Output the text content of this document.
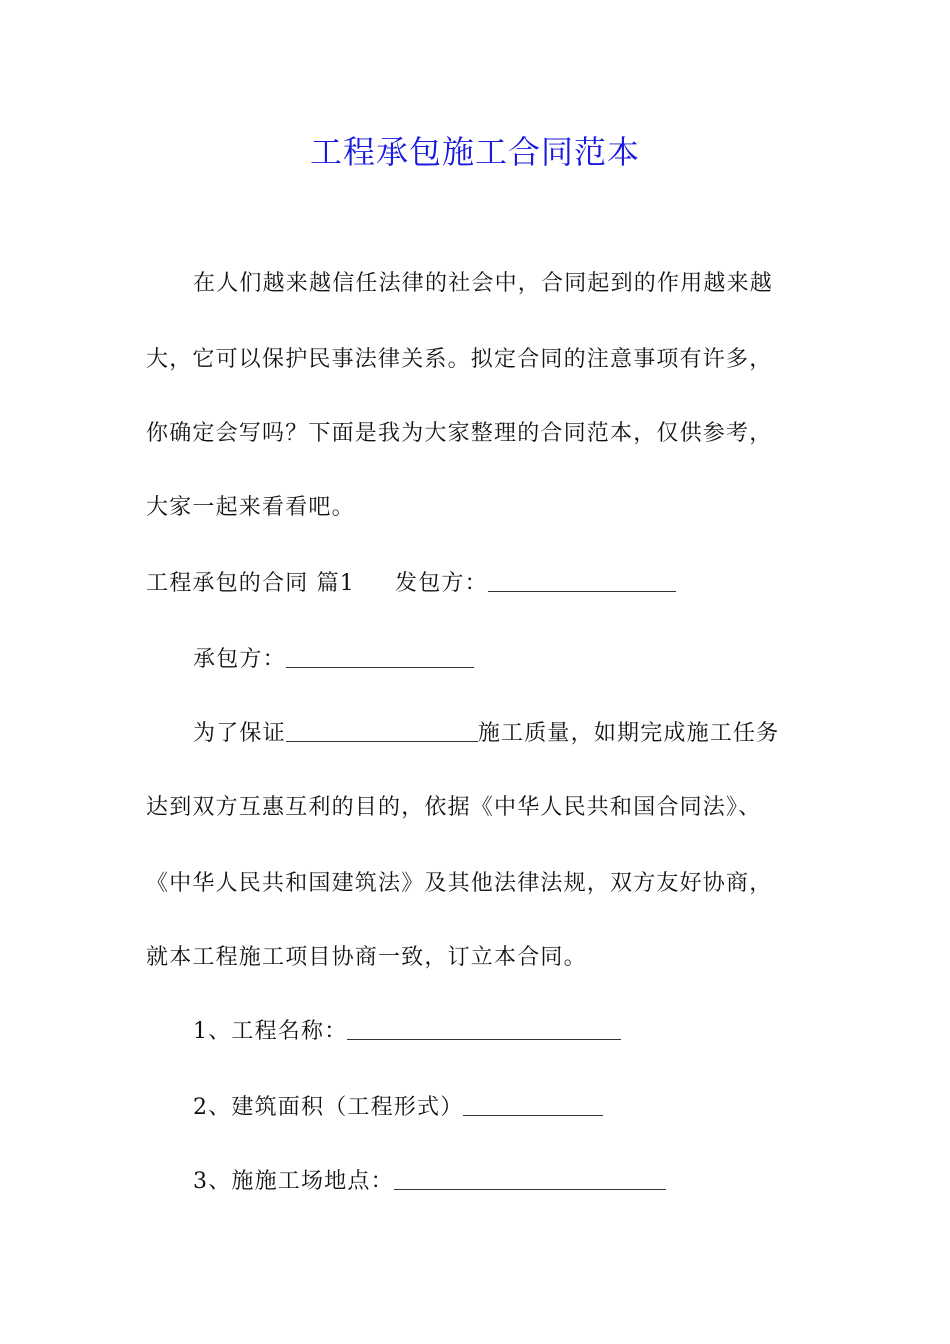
工程承包施工合同范本
在人们越来越信任法律的社会中，合同起到的作用越来越
大，它可以保护民事法律关系。拟定合同的注意事项有许多，
你确定会写吗？下面是我为大家整理的合同范本，仅供参考，
大家一起来看看吧。
工程承包的合同 篇1 发包方：
承包方：
为了保证	施工质量，如期完成施工任务
达到双方互惠互利的目的，依据《中华人民共和国合同法》、
《中华人民共和国建筑法》及其他法律法规，双方友好协商，
就本工程施工项目协商一致，订立本合同。
1、工程名称：
2、建筑面积（工程形式）
3、施施工场地点：
